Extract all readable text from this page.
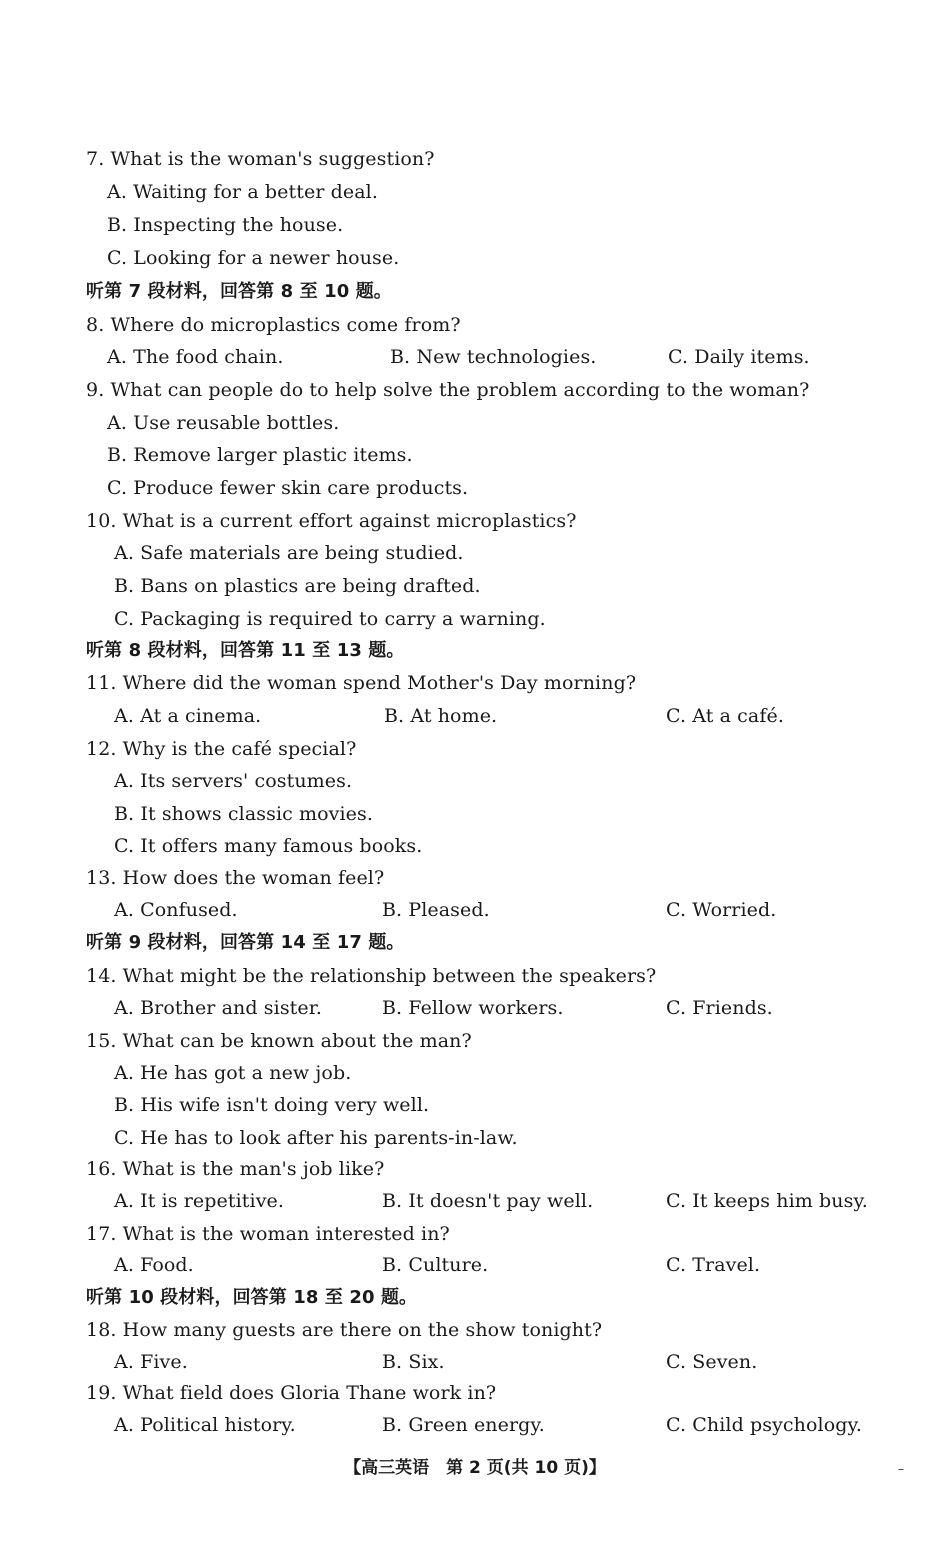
7. What is the woman's suggestion?
A. Waiting for a better deal.
B. Inspecting the house.
C. Looking for a newer house.
听第 7 段材料，回答第 8 至 10 题。
8. Where do microplastics come from?
A. The food chain.	B. New technologies.	C. Daily items.
9. What can people do to help solve the problem according to the woman?
A. Use reusable bottles.
B. Remove larger plastic items.
C. Produce fewer skin care products.
10. What is a current effort against microplastics?
A. Safe materials are being studied.
B. Bans on plastics are being drafted.
C. Packaging is required to carry a warning.
听第 8 段材料，回答第 11 至 13 题。
11. Where did the woman spend Mother's Day morning?
A. At a cinema.	B. At home.	C. At a café.
12. Why is the café special?
A. Its servers' costumes.
B. It shows classic movies.
C. It offers many famous books.
13. How does the woman feel?
A. Confused.	B. Pleased.	C. Worried.
听第 9 段材料，回答第 14 至 17 题。
14. What might be the relationship between the speakers?
A. Brother and sister.	B. Fellow workers.	C. Friends.
15. What can be known about the man?
A. He has got a new job.
B. His wife isn't doing very well.
C. He has to look after his parents-in-law.
16. What is the man's job like?
A. It is repetitive.	B. It doesn't pay well.	C. It keeps him busy.
17. What is the woman interested in?
A. Food.	B. Culture.	C. Travel.
听第 10 段材料，回答第 18 至 20 题。
18. How many guests are there on the show tonight?
A. Five.	B. Six.	C. Seven.
19. What field does Gloria Thane work in?
A. Political history.	B. Green energy.	C. Child psychology.
【高三英语　第 2 页(共 10 页)】	–
